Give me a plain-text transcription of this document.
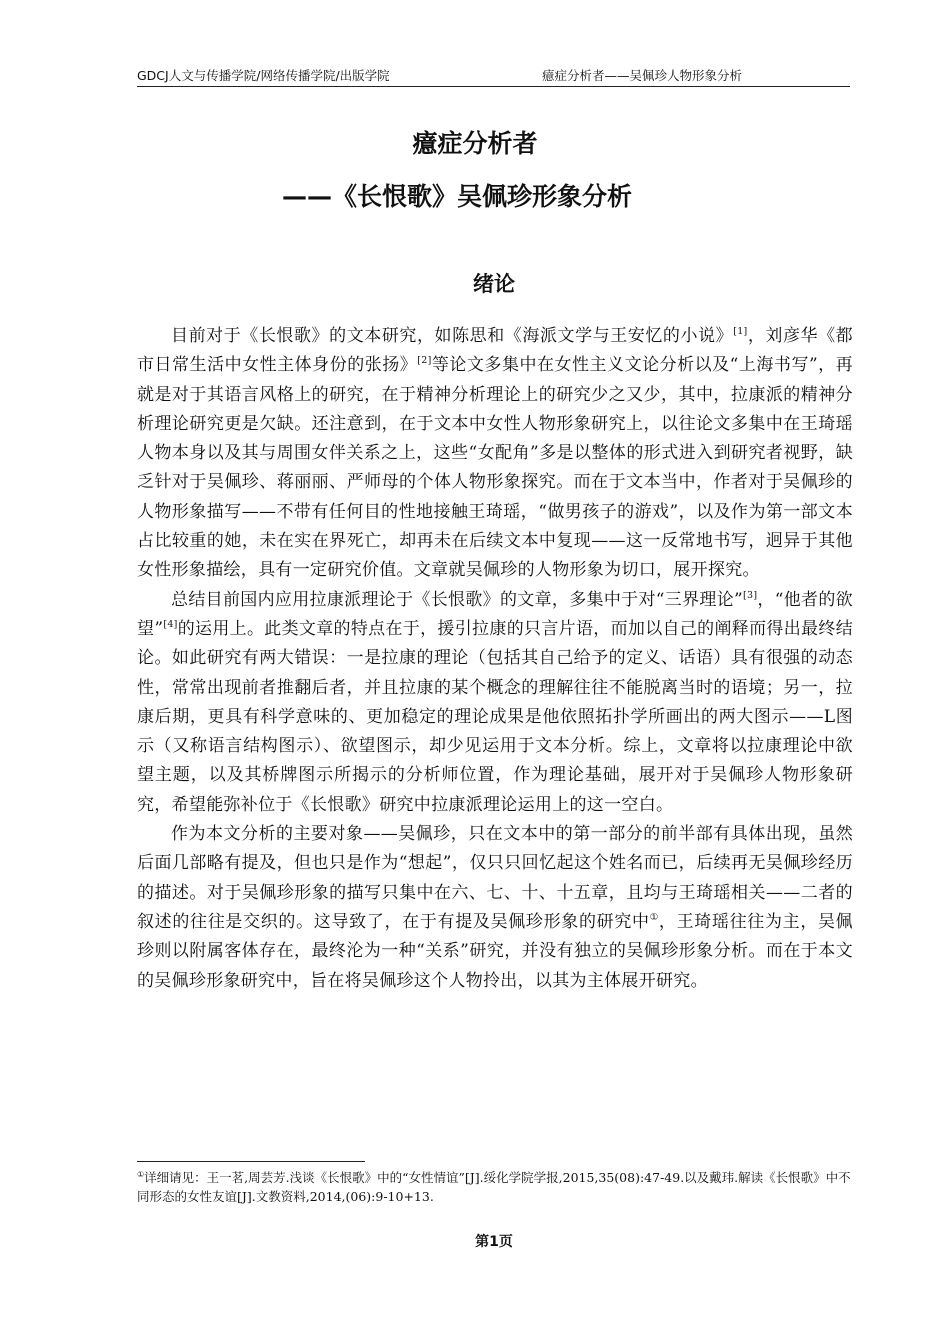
GDCJ人文与传播学院/网络传播学院/出版学院	癔症分析者——吴佩珍人物形象分析
癔症分析者
——《长恨歌》吴佩珍形象分析
绪论

目前对于《长恨歌》的文本研究，如陈思和《海派文学与王安忆的小说》[1]，刘彦华《都市日常生活中女性主体身份的张扬》[2]等论文多集中在女性主义文论分析以及“上海书写”，再就是对于其语言风格上的研究，在于精神分析理论上的研究少之又少，其中，拉康派的精神分析理论研究更是欠缺。还注意到，在于文本中女性人物形象研究上，以往论文多集中在王琦瑶人物本身以及其与周围女伴关系之上，这些“女配角”多是以整体的形式进入到研究者视野，缺乏针对于吴佩珍、蒋丽丽、严师母的个体人物形象探究。而在于文本当中，作者对于吴佩珍的人物形象描写——不带有任何目的性地接触王琦瑶，“做男孩子的游戏”，以及作为第一部文本占比较重的她，未在实在界死亡，却再未在后续文本中复现——这一反常地书写，迥异于其他女性形象描绘，具有一定研究价值。文章就吴佩珍的人物形象为切口，展开探究。

总结目前国内应用拉康派理论于《长恨歌》的文章，多集中于对“三界理论”[3]，“他者的欲望”[4]的运用上。此类文章的特点在于，援引拉康的只言片语，而加以自己的阐释而得出最终结论。如此研究有两大错误：一是拉康的理论（包括其自己给予的定义、话语）具有很强的动态性，常常出现前者推翻后者，并且拉康的某个概念的理解往往不能脱离当时的语境；另一，拉康后期，更具有科学意味的、更加稳定的理论成果是他依照拓扑学所画出的两大图示——L图示（又称语言结构图示）、欲望图示，却少见运用于文本分析。综上，文章将以拉康理论中欲望主题，以及其桥牌图示所揭示的分析师位置，作为理论基础，展开对于吴佩珍人物形象研究，希望能弥补位于《长恨歌》研究中拉康派理论运用上的这一空白。

作为本文分析的主要对象——吴佩珍，只在文本中的第一部分的前半部有具体出现，虽然后面几部略有提及，但也只是作为“想起”，仅只只回忆起这个姓名而已，后续再无吴佩珍经历的描述。对于吴佩珍形象的描写只集中在六、七、十、十五章，且均与王琦瑶相关——二者的叙述的往往是交织的。这导致了，在于有提及吴佩珍形象的研究中①，王琦瑶往往为主，吴佩珍则以附属客体存在，最终沦为一种“关系”研究，并没有独立的吴佩珍形象分析。而在于本文的吴佩珍形象研究中，旨在将吴佩珍这个人物拎出，以其为主体展开研究。

①详细请见：王一茗,周芸芳.浅谈《长恨歌》中的“女性情谊”[J].绥化学院学报,2015,35(08):47-49.以及戴玮.解读《长恨歌》中不同形态的女性友谊[J].文教资料,2014,(06):9-10+13.
第1页
